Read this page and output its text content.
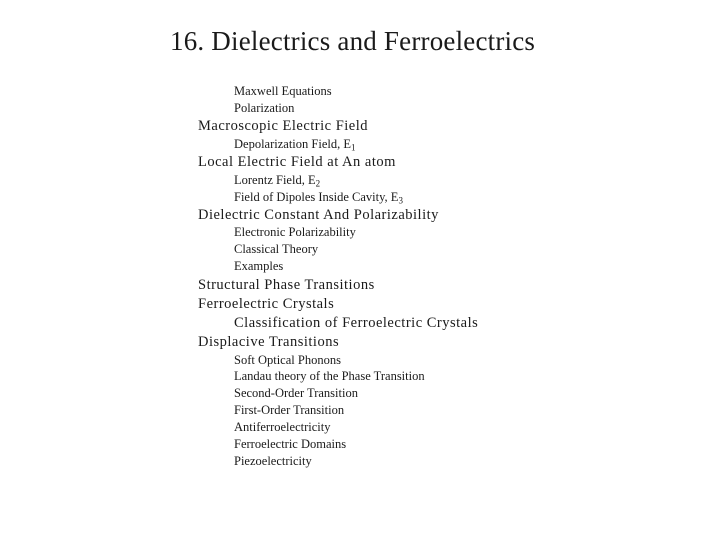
16. Dielectrics and Ferroelectrics
Maxwell Equations
Polarization
Macroscopic Electric Field
Depolarization Field, $E_1$
Local Electric Field at An atom
Lorentz Field, $E_2$
Field of Dipoles Inside Cavity, $E_3$
Dielectric Constant And Polarizability
Electronic Polarizability
Classical Theory
Examples
Structural Phase Transitions
Ferroelectric Crystals
Classification of Ferroelectric Crystals
Displacive Transitions
Soft Optical Phonons
Landau theory of the Phase Transition
Second-Order Transition
First-Order Transition
Antiferroelectricity
Ferroelectric Domains
Piezoelectricity
